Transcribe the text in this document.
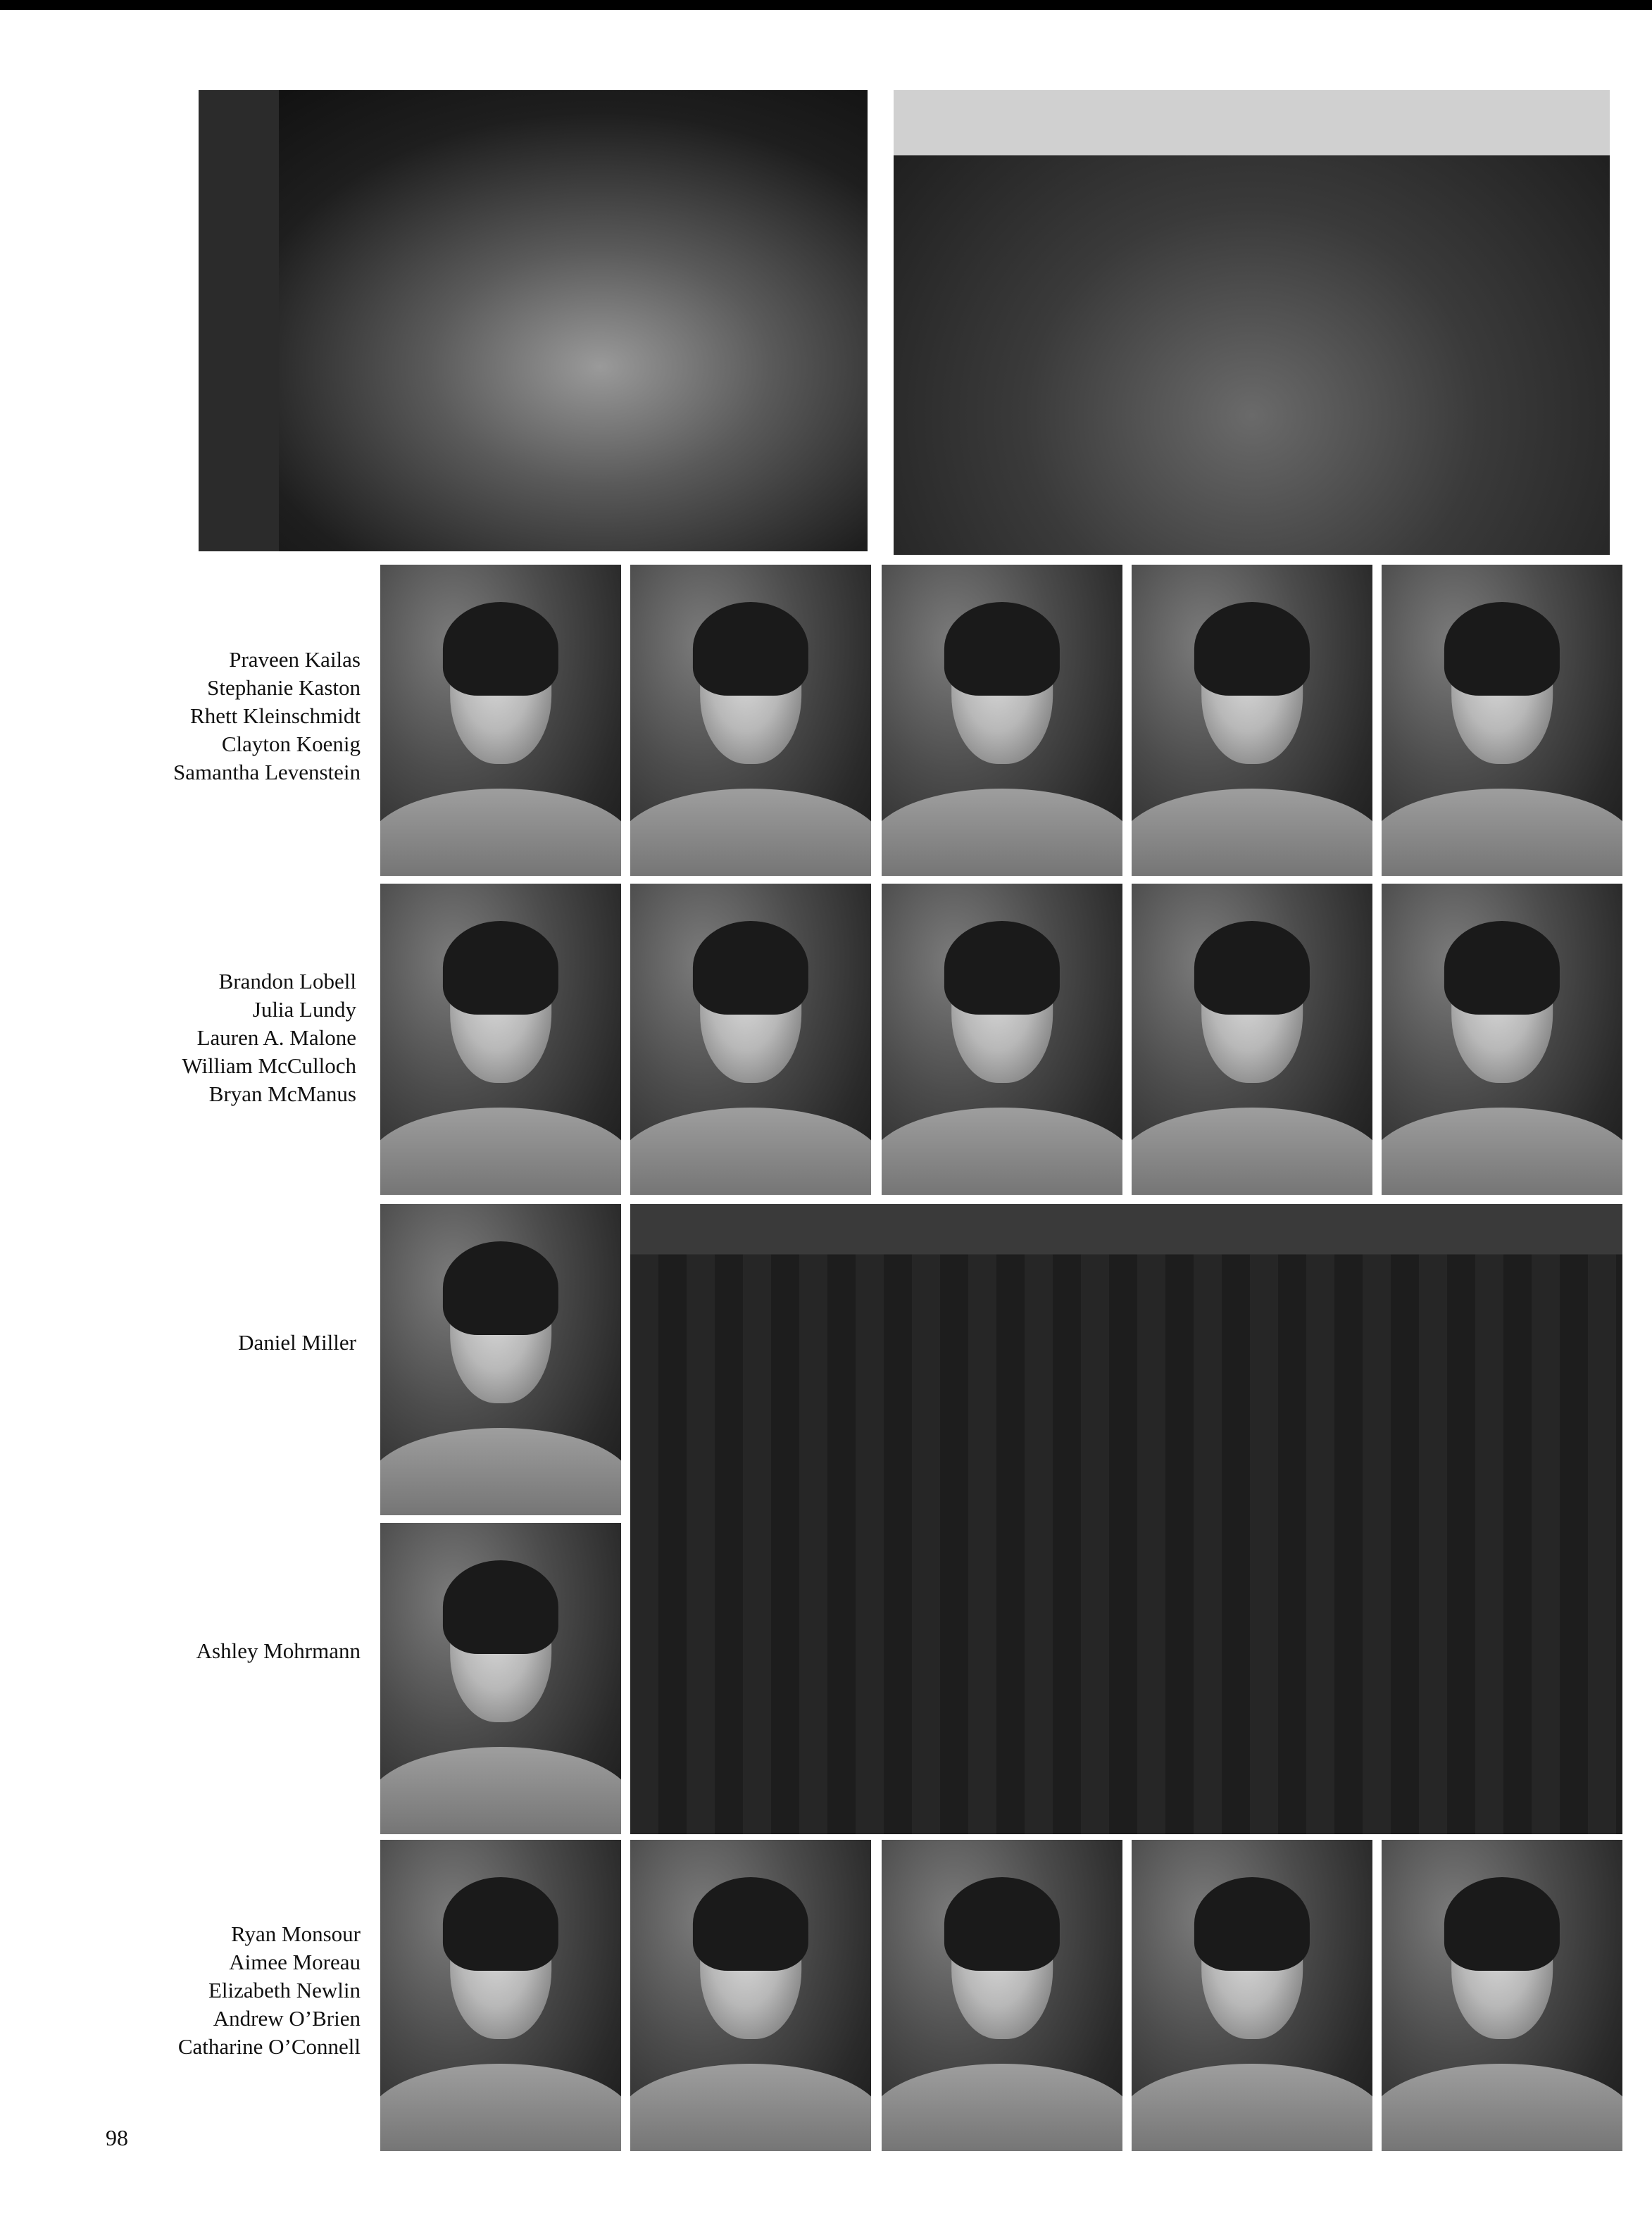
Praveen Kailas
Stephanie Kaston
Rhett Kleinschmidt
Clayton Koenig
Samantha Levenstein
Brandon Lobell
Julia Lundy
Lauren A. Malone
William McCulloch
Bryan McManus
Daniel Miller
Ashley Mohrmann
Ryan Monsour
Aimee Moreau
Elizabeth Newlin
Andrew O’Brien
Catharine O’Connell
98
